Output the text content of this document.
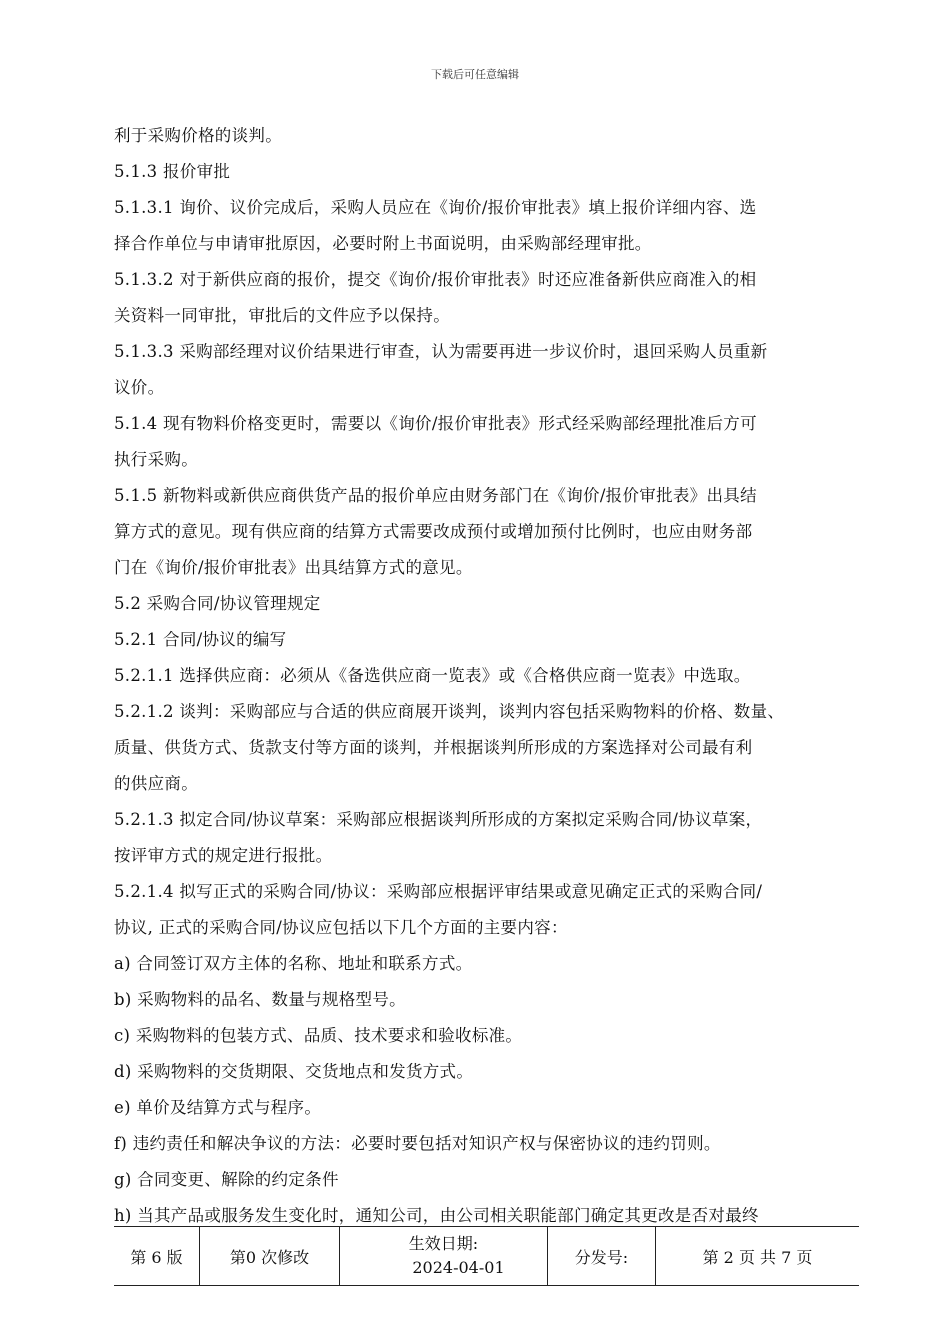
下载后可任意编辑
利于采购价格的谈判。
5.1.3 报价审批
5.1.3.1 询价、议价完成后，采购人员应在《询价/报价审批表》填上报价详细内容、选
择合作单位与申请审批原因，必要时附上书面说明，由采购部经理审批。
5.1.3.2 对于新供应商的报价，提交《询价/报价审批表》时还应准备新供应商准入的相
关资料一同审批，审批后的文件应予以保持。
5.1.3.3 采购部经理对议价结果进行审查，认为需要再进一步议价时，退回采购人员重新
议价。
5.1.4 现有物料价格变更时，需要以《询价/报价审批表》形式经采购部经理批准后方可
执行采购。
5.1.5 新物料或新供应商供货产品的报价单应由财务部门在《询价/报价审批表》出具结
算方式的意见。现有供应商的结算方式需要改成预付或增加预付比例时，也应由财务部
门在《询价/报价审批表》出具结算方式的意见。
5.2 采购合同/协议管理规定
5.2.1 合同/协议的编写
5.2.1.1 选择供应商：必须从《备选供应商一览表》或《合格供应商一览表》中选取。
5.2.1.2 谈判：采购部应与合适的供应商展开谈判，谈判内容包括采购物料的价格、数量、
质量、供货方式、货款支付等方面的谈判，并根据谈判所形成的方案选择对公司最有利
的供应商。
5.2.1.3 拟定合同/协议草案：采购部应根据谈判所形成的方案拟定采购合同/协议草案，
按评审方式的规定进行报批。
5.2.1.4 拟写正式的采购合同/协议：采购部应根据评审结果或意见确定正式的采购合同/
协议, 正式的采购合同/协议应包括以下几个方面的主要内容：
a) 合同签订双方主体的名称、地址和联系方式。
b) 采购物料的品名、数量与规格型号。
c) 采购物料的包装方式、品质、技术要求和验收标准。
d) 采购物料的交货期限、交货地点和发货方式。
e) 单价及结算方式与程序。
f) 违约责任和解决争议的方法：必要时要包括对知识产权与保密协议的违约罚则。
g) 合同变更、解除的约定条件
h) 当其产品或服务发生变化时，通知公司，由公司相关职能部门确定其更改是否对最终
第 6 版	第0 次修改
生效日期:
2024-04-01
分发号:	第 2 页 共 7 页
